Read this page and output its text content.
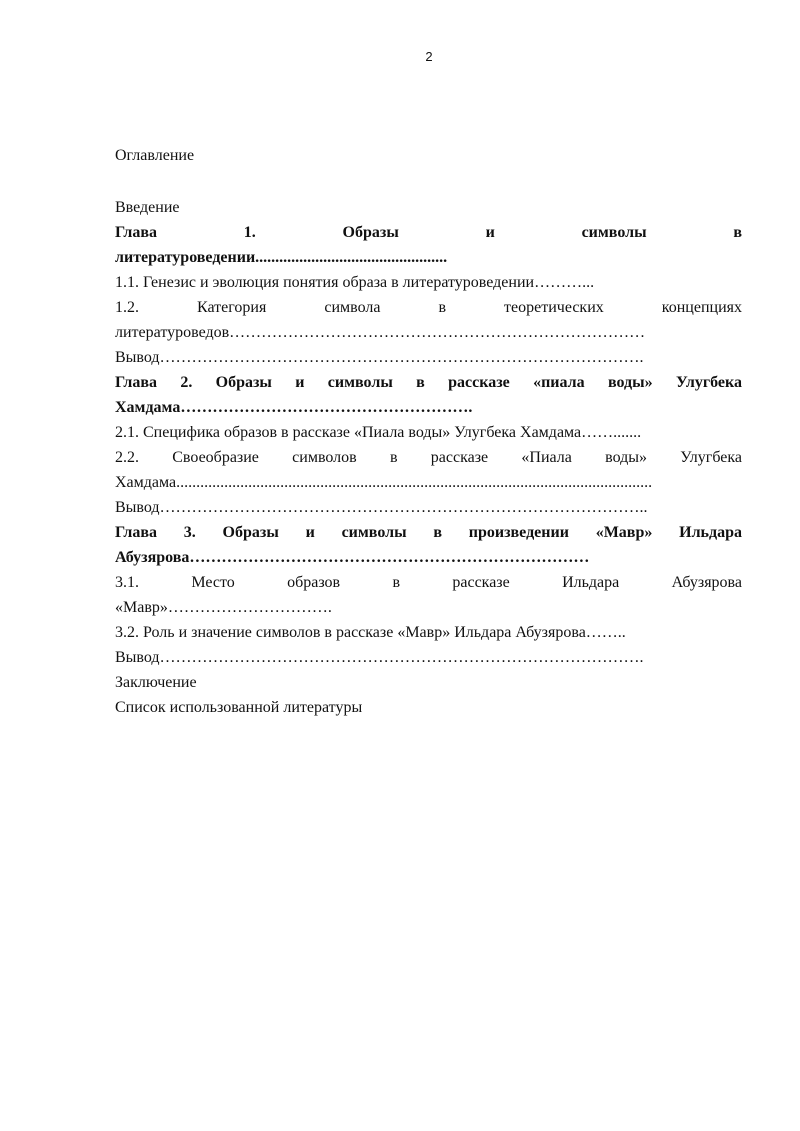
2
Оглавление

Введение

Глава 1. Образы и символы в
литературоведении................................................

1.1. Генезис и эволюция понятия образа в литературоведении………...

1.2. Категория символа в теоретических концепциях
литературоведов……………………………………………………………………

Вывод……………………………………………………………………………….

Глава 2. Образы и символы в рассказе «пиала воды» Улугбека
Хамдама……………………………………………….

2.1. Специфика образов в рассказе «Пиала воды» Улугбека Хамдама…….......

2.2. Своеобразие символов в рассказе «Пиала воды» Улугбека
Хамдама.......................................................................................................................

Вывод………………………………………………………………………………..

Глава 3. Образы и символы в произведении «Мавр» Ильдара
Абузярова…………………………………………………………………

3.1. Место образов в рассказе Ильдара Абузярова
«Мавр»………………………….

3.2. Роль и значение символов в рассказе «Мавр» Ильдара Абузярова……..

Вывод……………………………………………………………………………….

Заключение

Список использованной литературы
